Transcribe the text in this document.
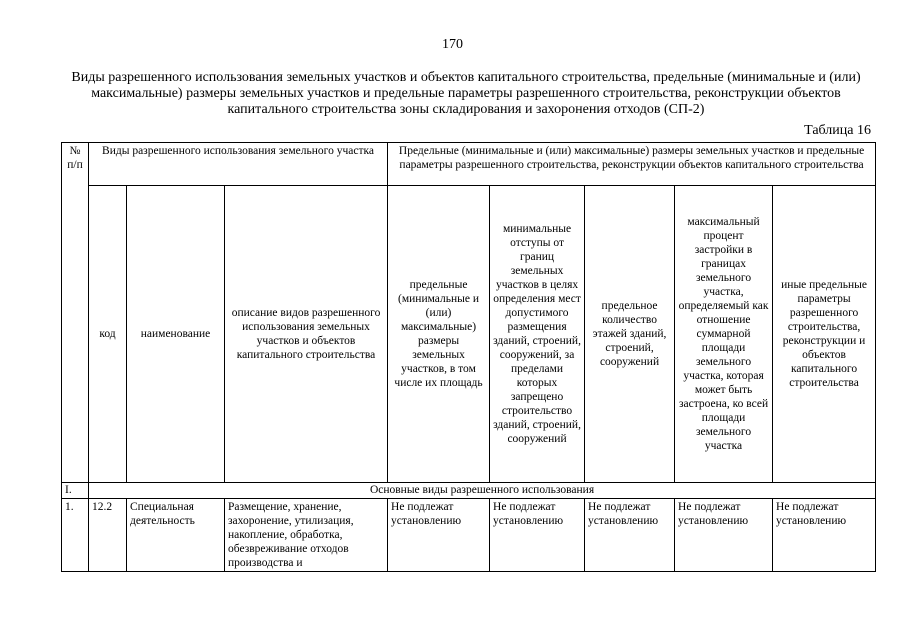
170
Виды разрешенного использования земельных участков и объектов капитального строительства, предельные (минимальные и (или) максимальные) размеры земельных участков и предельные параметры разрешенного строительства, реконструкции объектов капитального строительства зоны складирования и захоронения отходов (СП-2)
Таблица 16
№ п/п	Виды разрешенного использования земельного участка			Предельные (минимальные и (или) максимальные) размеры земельных участков и предельные параметры разрешенного строительства, реконструкции объектов капитального строительства				
	код	наименование	описание видов разрешенного использования земельных участков и объектов капитального строительства	предельные (минимальные и (или) максимальные) размеры земельных участков, в том числе их площадь	минимальные отступы от границ земельных участков в целях определения мест допустимого размещения зданий, строений, сооружений, за пределами которых запрещено строительство зданий, строений, сооружений	предельное количество этажей зданий, строений, сооружений	максимальный процент застройки в границах земельного участка, определяемый как отношение суммарной площади земельного участка, которая может быть застроена, ко всей площади земельного участка	иные предельные параметры разрешенного строительства, реконструкции и объектов капитального строительства
I.	Основные виды разрешенного использования							
1.	12.2	Специальная деятельность	Размещение, хранение, захоронение, утилизация, накопление, обработка, обезвреживание отходов производства и	Не подлежат установлению	Не подлежат установлению	Не подлежат установлению	Не подлежат установлению	Не подлежат установлению
